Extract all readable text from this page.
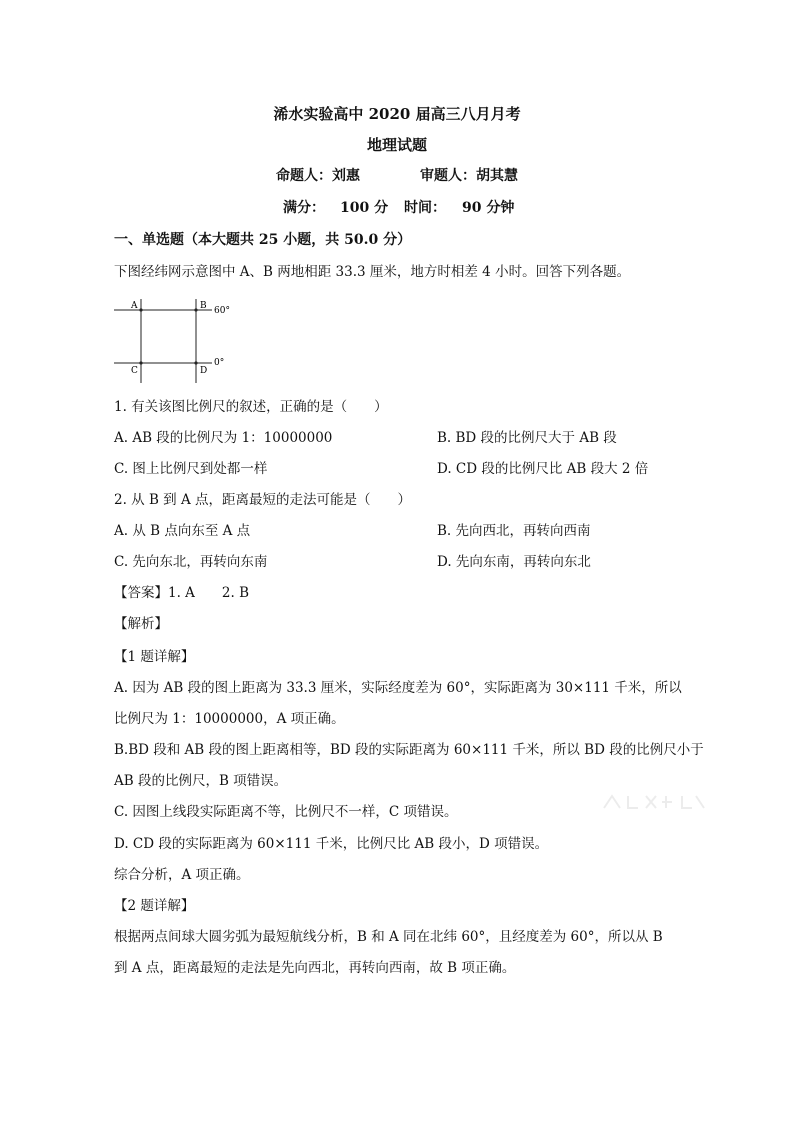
浠水实验高中 2020 届高三八月月考
地理试题
命题人：刘惠	审题人：胡其慧
满分： 100 分 时间： 90 分钟
一、单选题（本大题共 25 小题，共 50.0 分）
下图经纬网示意图中 A、B 两地相距 33.3 厘米，地方时相差 4 小时。回答下列各题。
A	B
C	D
60°
0°
1. 有关该图比例尺的叙述，正确的是（　　）
A. AB 段的比例尺为 1：10000000	B. BD 段的比例尺大于 AB 段
C. 图上比例尺到处都一样	D. CD 段的比例尺比 AB 段大 2 倍
2. 从 B 到 A 点，距离最短的走法可能是（　　）
A. 从 B 点向东至 A 点	B. 先向西北，再转向西南
C. 先向东北，再转向东南	D. 先向东南，再转向东北
【答案】1. A　　2. B
【解析】
【1 题详解】
A. 因为 AB 段的图上距离为 33.3 厘米，实际经度差为 60°，实际距离为 30×111 千米，所以
比例尺为 1：10000000，A 项正确。
B.BD 段和 AB 段的图上距离相等，BD 段的实际距离为 60×111 千米，所以 BD 段的比例尺小于
AB 段的比例尺，B 项错误。
C. 因图上线段实际距离不等，比例尺不一样，C 项错误。
D. CD 段的实际距离为 60×111 千米，比例尺比 AB 段小，D 项错误。
综合分析，A 项正确。
【2 题详解】
根据两点间球大圆劣弧为最短航线分析，B 和 A 同在北纬 60°，且经度差为 60°，所以从 B
到 A 点，距离最短的走法是先向西北，再转向西南，故 B 项正确。
